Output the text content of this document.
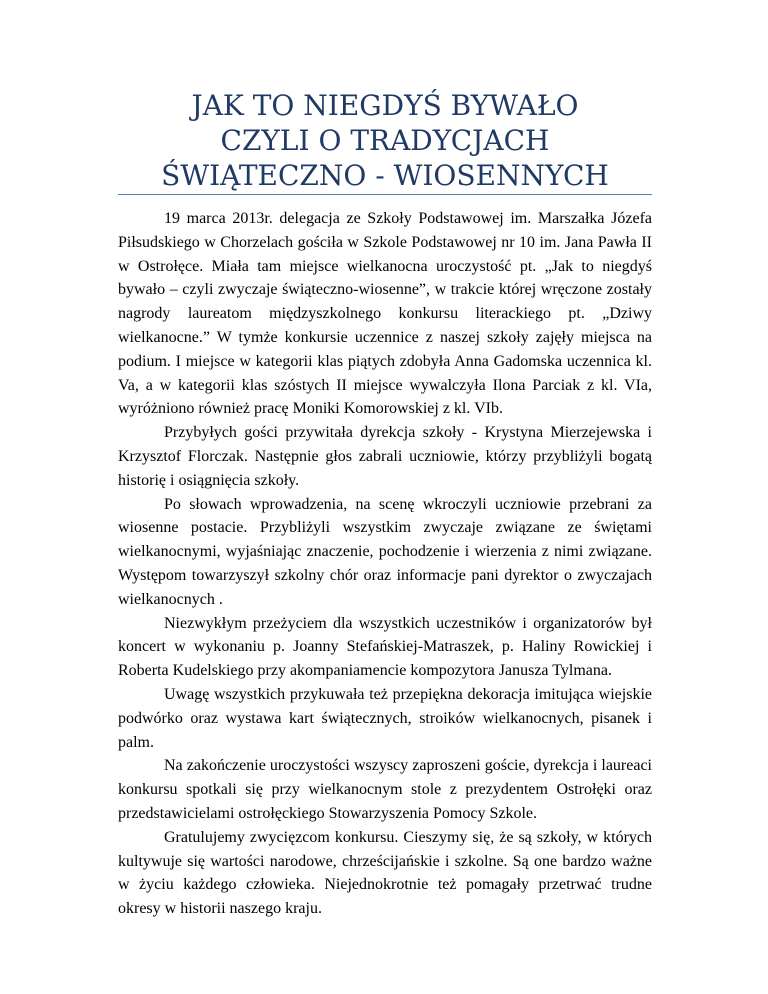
JAK TO NIEGDYŚ BYWAŁO
CZYLI O TRADYCJACH
ŚWIĄTECZNO - WIOSENNYCH

19 marca 2013r. delegacja ze Szkoły Podstawowej im. Marszałka Józefa Piłsudskiego w Chorzelach gościła w Szkole Podstawowej nr 10 im. Jana Pawła II w Ostrołęce. Miała tam miejsce wielkanocna uroczystość pt. „Jak to niegdyś bywało – czyli zwyczaje świąteczno-wiosenne”, w trakcie której wręczone zostały nagrody laureatom międzyszkolnego konkursu literackiego pt. „Dziwy wielkanocne.” W tymże konkursie uczennice z naszej szkoły zajęły miejsca na podium. I miejsce w kategorii klas piątych zdobyła Anna Gadomska uczennica kl. Va, a w kategorii klas szóstych II miejsce wywalczyła Ilona Parciak z kl. VIa, wyróżniono również pracę Moniki Komorowskiej z kl. VIb.

Przybyłych gości przywitała dyrekcja szkoły - Krystyna Mierzejewska i Krzysztof Florczak. Następnie głos zabrali uczniowie, którzy przybliżyli bogatą historię i osiągnięcia szkoły.

Po słowach wprowadzenia, na scenę wkroczyli uczniowie przebrani za wiosenne postacie. Przybliżyli wszystkim zwyczaje związane ze świętami wielkanocnymi, wyjaśniając znaczenie, pochodzenie i wierzenia z nimi związane. Występom towarzyszył szkolny chór oraz informacje pani dyrektor o zwyczajach wielkanocnych .

Niezwykłym przeżyciem dla wszystkich uczestników i organizatorów był koncert w wykonaniu p. Joanny Stefańskiej-Matraszek, p. Haliny Rowickiej i Roberta Kudelskiego przy akompaniamencie kompozytora Janusza Tylmana.

Uwagę wszystkich przykuwała też przepiękna dekoracja imitująca wiejskie podwórko oraz wystawa kart świątecznych, stroików wielkanocnych, pisanek i palm.

Na zakończenie uroczystości wszyscy zaproszeni goście, dyrekcja i laureaci konkursu spotkali się przy wielkanocnym stole z prezydentem Ostrołęki oraz przedstawicielami ostrołęckiego Stowarzyszenia Pomocy Szkole.

Gratulujemy zwycięzcom konkursu. Cieszymy się, że są szkoły, w których kultywuje się wartości narodowe, chrześcijańskie i szkolne. Są one bardzo ważne w życiu każdego człowieka. Niejednokrotnie też pomagały przetrwać trudne okresy w historii naszego kraju.
